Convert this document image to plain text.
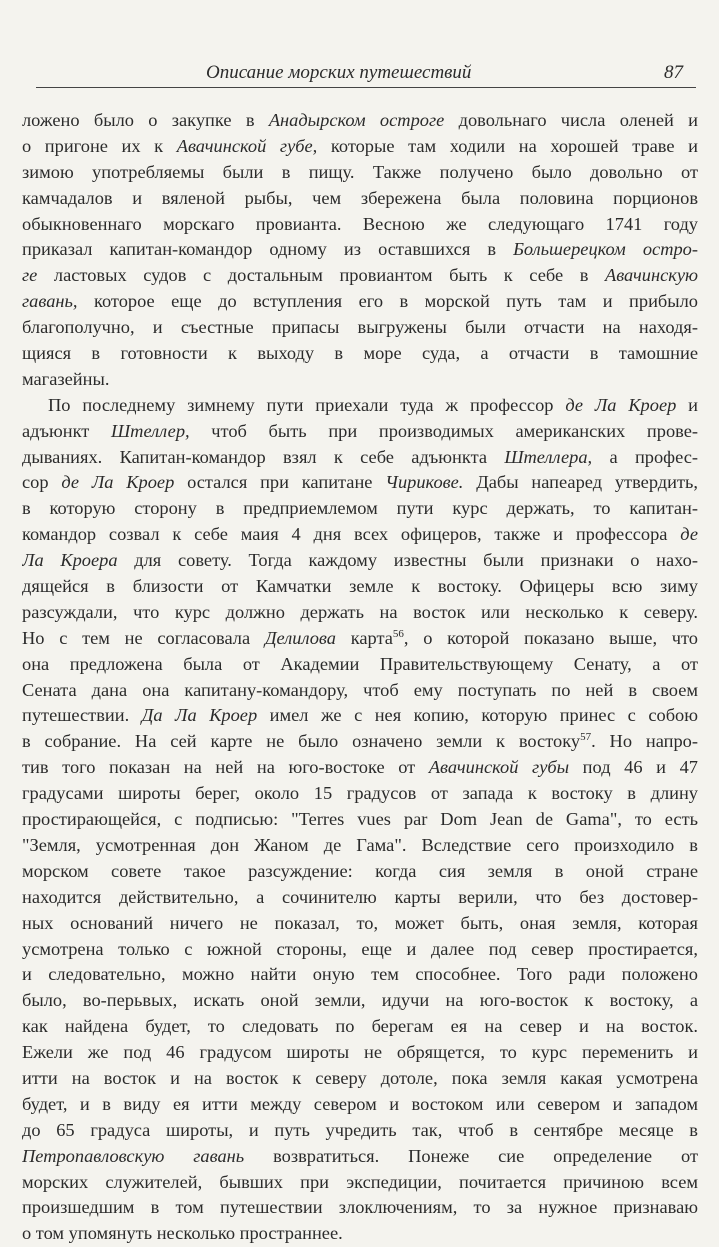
Описание морских путешествий	87
ложено было о закупке в Анадырском остроге довольнаго числа оленей и
о пригоне их к Авачинской губе, которые там ходили на хорошей траве и
зимою употребляемы были в пищу. Также получено было довольно от
камчадалов и вяленой рыбы, чем збережена была половина порционов
обыкновеннаго морскаго провианта. Весною же следующаго 1741 году
приказал капитан-командор одному из оставшихся в Большерецком остро-
ге ластовых судов с достальным провиантом быть к себе в Авачинскую
гавань, которое еще до вступления его в морской путь там и прибыло
благополучно, и съестные припасы выгружены были отчасти на находя-
щияся в готовности к выходу в море суда, а отчасти в тамошние
магазейны.
По последнему зимнему пути приехали туда ж профессор де Ла Кроер и
адъюнкт Штеллер, чтоб быть при производимых американских прове-
дываниях. Капитан-командор взял к себе адъюнкта Штеллера, а профес-
сор де Ла Кроер остался при капитане Чирикове. Дабы напеаред утвердить,
в которую сторону в предприемлемом пути курс держать, то капитан-
командор созвал к себе маия 4 дня всех офицеров, также и профессора де
Ла Кроера для совету. Тогда каждому известны были признаки о нахо-
дящейся в близости от Камчатки земле к востоку. Офицеры всю зиму
разсуждали, что курс должно держать на восток или несколько к северу.
Но с тем не согласовала Делилова карта$^{56}$, о которой показано выше, что
она предложена была от Академии Правительствующему Сенату, а от
Сената дана она капитану-командору, чтоб ему поступать по ней в своем
путешествии. Да Ла Кроер имел же с нея копию, которую принес с собою
в собрание. На сей карте не было означено земли к востоку$^{57}$. Но напро-
тив того показан на ней на юго-востоке от Авачинской губы под 46 и 47
градусами широты берег, около 15 градусов от запада к востоку в длину
простирающейся, с подписью: "Terres vues par Dom Jean de Gama", то есть
"Земля, усмотренная дон Жаном де Гама". Вследствие сего произходило в
морском совете такое разсуждение: когда сия земля в оной стране
находится действительно, а сочинителю карты верили, что без достовер-
ных оснований ничего не показал, то, может быть, оная земля, которая
усмотрена только с южной стороны, еще и далее под север простирается,
и следовательно, можно найти оную тем способнее. Того ради положено
было, во-перьвых, искать оной земли, идучи на юго-восток к востоку, а
как найдена будет, то следовать по берегам ея на север и на восток.
Ежели же под 46 градусом широты не обрящется, то курс переменить и
итти на восток и на восток к северу дотоле, пока земля какая усмотрена
будет, и в виду ея итти между севером и востоком или севером и западом
до 65 градуса широты, и путь учредить так, чтоб в сентябре месяце в
Петропавловскую гавань возвратиться. Понеже сие определение от
морских служителей, бывших при экспедиции, почитается причиною всем
произшедшим в том путешествии злоключениям, то за нужное признаваю
о том упомянуть несколько пространнее.
